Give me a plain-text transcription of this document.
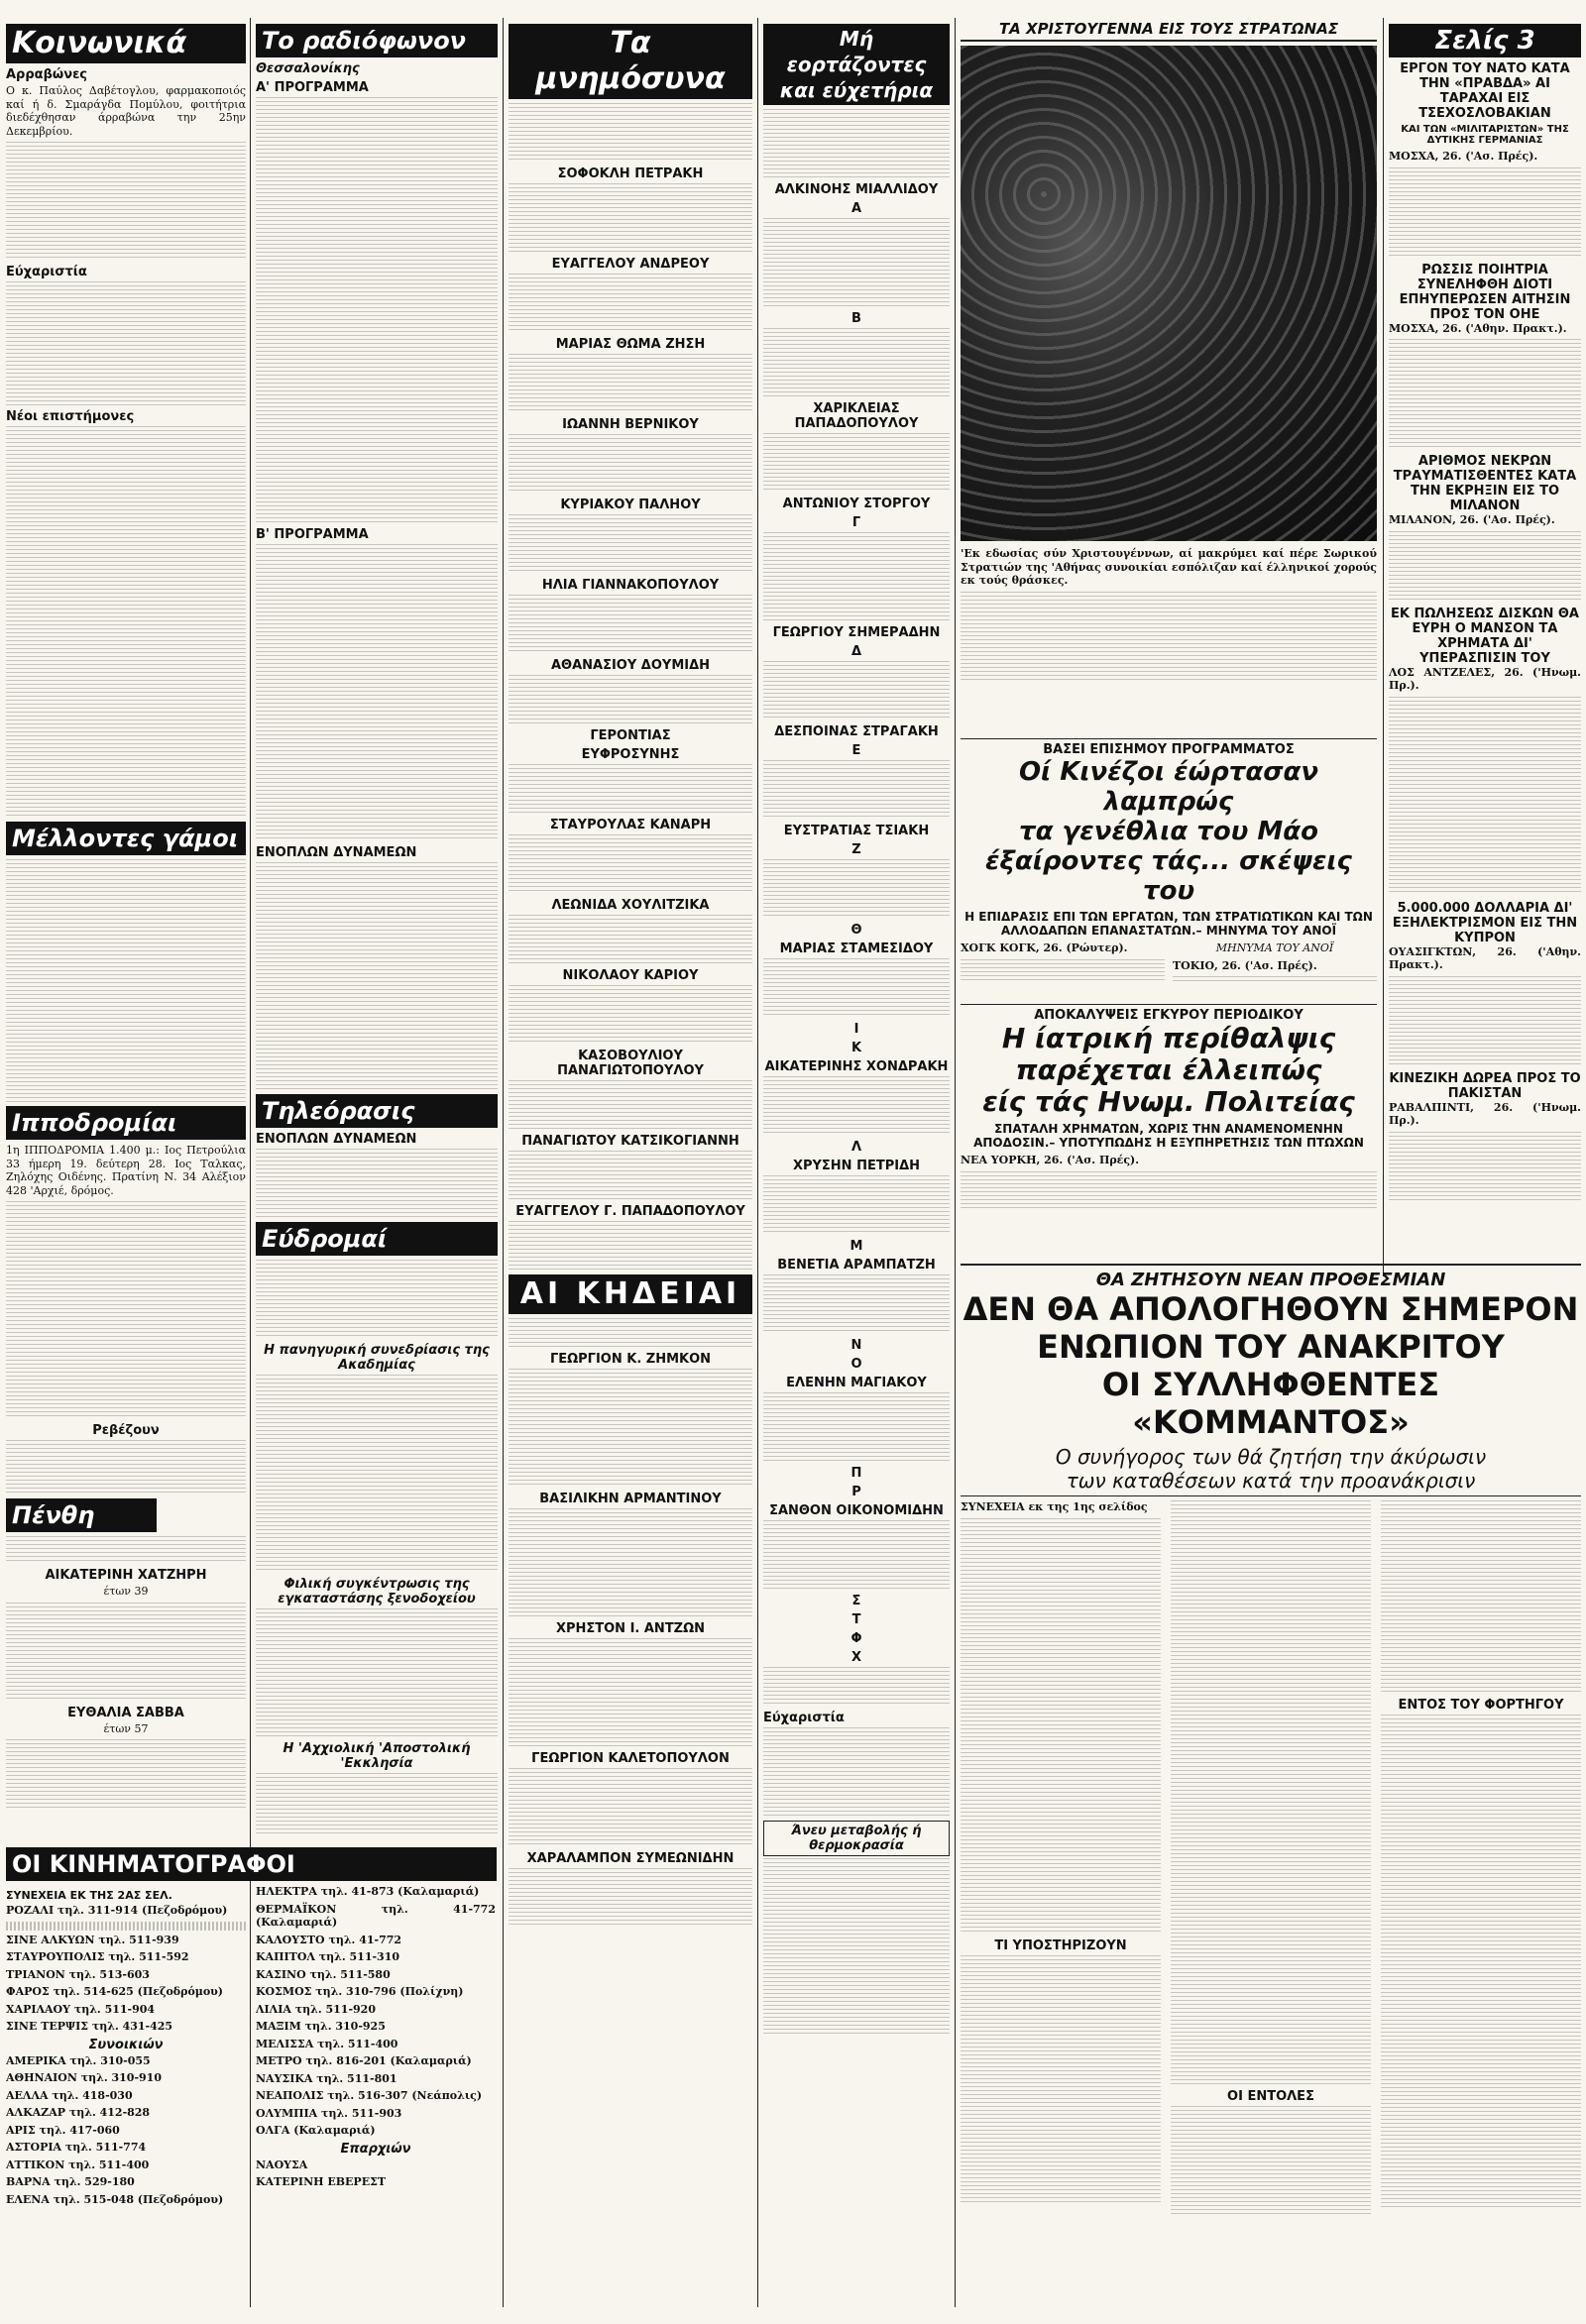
Κοινωνικά
Αρραβώνες

Ο κ. Παύλος Δαβέτογλου, φαρμακοποιός καί ή δ. Σμαράγδα Πομύλου, φοιτήτρια διεδέχθησαν άρραβώνα την 25ην Δεκεμβρίου.

Εύχαριστία
Νέοι επιστήμονες
Μέλλοντες γάμοι
Ιπποδρομίαι

1η ΙΠΠΟΔΡΟΜΙΑ 1.400 μ.: Ιος Πετρούλια 33 ήμερη 19. δεύτερη 28. Ιος Ταλκας, Ζηλόχης Οιδένης. Πρατίνη Ν. 34 Αλέξιον 428 'Αρχιέ, δρόμος.

Ρεβέζουν
Πένθη
ΑΙΚΑΤΕΡΙΝΗ ΧΑΤΖΗΡΗ
έτων 39
ΕΥΘΑΛΙΑ ΣΑΒΒΑ
έτων 57
ΟΙ ΚΙΝΗΜΑΤΟΓΡΑΦΟΙ
ΣΥΝΕΧΕΙΑ ΕΚ ΤΗΣ 2ΑΣ ΣΕΛ.
ΡΟΖΑΛΙ τηλ. 311-914 (Πεζοδρόμου)
ΣΙΝΕ ΑΛΚΥΩΝ τηλ. 511-939
ΣΤΑΥΡΟΥΠΟΛΙΣ τηλ. 511-592
ΤΡΙΑΝΟΝ τηλ. 513-603
ΦΑΡΟΣ τηλ. 514-625 (Πεζοδρόμου)
ΧΑΡΙΛΑΟΥ τηλ. 511-904
ΣΙΝΕ ΤΕΡΨΙΣ τηλ. 431-425
Συνοικιών
ΑΜΕΡΙΚΑ τηλ. 310-055
ΑΘΗΝΑΙΟΝ τηλ. 310-910
ΑΕΛΛΑ τηλ. 418-030
ΑΛΚΑΖΑΡ τηλ. 412-828
ΑΡΙΣ τηλ. 417-060
ΑΣΤΟΡΙΑ τηλ. 511-774
ΑΤΤΙΚΟΝ τηλ. 511-400
ΒΑΡΝΑ τηλ. 529-180
ΕΛΕΝΑ τηλ. 515-048 (Πεζοδρόμου)
ΗΛΕΚΤΡΑ τηλ. 41-873 (Καλαμαριά)
ΘΕΡΜΑΪΚΟΝ τηλ. 41-772 (Καλαμαριά)
ΚΑΛΟΥΣΤΟ τηλ. 41-772
ΚΑΠΙΤΟΛ τηλ. 511-310
ΚΑΣΙΝΟ τηλ. 511-580
ΚΟΣΜΟΣ τηλ. 310-796 (Πολίχνη)
ΛΙΛΙΑ τηλ. 511-920
ΜΑΞΙΜ τηλ. 310-925
ΜΕΛΙΣΣΑ τηλ. 511-400
ΜΕΤΡΟ τηλ. 816-201 (Καλαμαριά)
ΝΑΥΣΙΚΑ τηλ. 511-801
ΝΕΑΠΟΛΙΣ τηλ. 516-307 (Νεάπολις)
ΟΛΥΜΠΙΑ τηλ. 511-903
ΟΛΓΑ (Καλαμαριά)
Επαρχιών
ΝΑΟΥΣΑ
ΚΑΤΕΡΙΝΗ ΕΒΕΡΕΣΤ
Το ραδιόφωνον
Θεσσαλονίκης
Α' ΠΡΟΓΡΑΜΜΑ
Β' ΠΡΟΓΡΑΜΜΑ
ΕΝΟΠΛΩΝ ΔΥΝΑΜΕΩΝ
Τηλεόρασις
ΕΝΟΠΛΩΝ ΔΥΝΑΜΕΩΝ
Εύδρομαί
Η πανηγυρική συνεδρίασις της Ακαδημίας
Φιλική συγκέντρωσις της εγκαταστάσης ξενοδοχείου
Η 'Αχχιολική 'Αποστολική 'Εκκλησία
Τα μνημόσυνα
ΣΟΦΟΚΛΗ ΠΕΤΡΑΚΗ
ΕΥΑΓΓΕΛΟΥ ΑΝΔΡΕΟΥ
ΜΑΡΙΑΣ ΘΩΜΑ ΖΗΣΗ
ΙΩΑΝΝΗ ΒΕΡΝΙΚΟΥ
ΚΥΡΙΑΚΟΥ ΠΑΛΗΟΥ
ΗΛΙΑ ΓΙΑΝΝΑΚΟΠΟΥΛΟΥ
ΑΘΑΝΑΣΙΟΥ ΔΟΥΜΙΔΗ
ΓΕΡΟΝΤΙΑΣ
ΕΥΦΡΟΣΥΝΗΣ
ΣΤΑΥΡΟΥΛΑΣ ΚΑΝΑΡΗ
ΛΕΩΝΙΔΑ ΧΟΥΛΙΤΖΙΚΑ
ΝΙΚΟΛΑΟΥ ΚΑΡΙΟΥ
ΚΑΣΟΒΟΥΛΙΟΥ ΠΑΝΑΓΙΩΤΟΠΟΥΛΟΥ
ΠΑΝΑΓΙΩΤΟΥ ΚΑΤΣΙΚΟΓΙΑΝΝΗ
ΕΥΑΓΓΕΛΟΥ Γ. ΠΑΠΑΔΟΠΟΥΛΟΥ
ΑΙ ΚΗΔΕΙΑΙ
ΓΕΩΡΓΙΟΝ Κ. ΖΗΜΚΟΝ
ΒΑΣΙΛΙΚΗΝ ΑΡΜΑΝΤΙΝΟΥ
ΧΡΗΣΤΟΝ Ι. ΑΝΤΖΩΝ
ΓΕΩΡΓΙΟΝ ΚΑΛΕΤΟΠΟΥΛΟΝ
ΧΑΡΑΛΑΜΠΟΝ ΣΥΜΕΩΝΙΔΗΝ
Μή εορτάζοντες και εύχετήρια
ΑΛΚΙΝΟΗΣ ΜΙΑΛΛΙΔΟΥ
Α
Β
ΧΑΡΙΚΛΕΙΑΣ ΠΑΠΑΔΟΠΟΥΛΟΥ
ΑΝΤΩΝΙΟΥ ΣΤΟΡΓΟΥ
Γ
ΓΕΩΡΓΙΟΥ ΣΗΜΕΡΑΔΗΝ
Δ
ΔΕΣΠΟΙΝΑΣ ΣΤΡΑΓΑΚΗ
Ε
ΕΥΣΤΡΑΤΙΑΣ ΤΣΙΑΚΗ
Ζ
Θ
ΜΑΡΙΑΣ ΣΤΑΜΕΣΙΔΟΥ
Ι
Κ
ΑΙΚΑΤΕΡΙΝΗΣ ΧΟΝΔΡΑΚΗ
Λ
ΧΡΥΣΗΝ ΠΕΤΡΙΔΗ
Μ
ΒΕΝΕΤΙΑ ΑΡΑΜΠΑΤΖΗ
Ν
Ο
ΕΛΕΝΗΝ ΜΑΓΙΑΚΟΥ
Π
Ρ
ΣΑΝΘΟΝ ΟΙΚΟΝΟΜΙΔΗΝ
Σ
Τ
Φ
Χ
Εύχαριστία
Άνευ μεταβολής ή θερμοκρασία
ΤΑ ΧΡΙΣΤΟΥΓΕΝΝΑ ΕΙΣ ΤΟΥΣ ΣΤΡΑΤΩΝΑΣ

'Εκ εδωσίας σύν Χριστουγέννων, αί μακρύμει καί πέρε Σωρικού Στρατιών της 'Αθήνας συνοικίαι εσπόλιζαν καί έλληνικοί χορούς εκ τούς θράσκες.

Σελίς 3
ΕΡΓΟΝ ΤΟΥ ΝΑΤΟ ΚΑΤΑ ΤΗΝ «ΠΡΑΒΔΑ» ΑΙ ΤΑΡΑΧΑΙ ΕΙΣ ΤΣΕΧΟΣΛΟΒΑΚΙΑΝ
ΚΑΙ ΤΩΝ «ΜΙΛΙΤΑΡΙΣΤΩΝ» ΤΗΣ ΔΥΤΙΚΗΣ ΓΕΡΜΑΝΙΑΣ
ΜΟΣΧΑ, 26. ('Ασ. Πρές).
ΡΩΣΣΙΣ ΠΟΙΗΤΡΙΑ ΣΥΝΕΛΗΦΘΗ ΔΙΟΤΙ ΕΠΗΥΠΕΡΩΣΕΝ ΑΙΤΗΣΙΝ ΠΡΟΣ ΤΟΝ ΟΗΕ
ΜΟΣΧΑ, 26. ('Αθην. Πρακτ.).
ΑΡΙΘΜΟΣ ΝΕΚΡΩΝ ΤΡΑΥΜΑΤΙΣΘΕΝΤΕΣ ΚΑΤΑ ΤΗΝ ΕΚΡΗΞΙΝ ΕΙΣ ΤΟ ΜΙΛΑΝΟΝ
ΜΙΛΑΝΟΝ, 26. ('Ασ. Πρές).
ΕΚ ΠΩΛΗΣΕΩΣ ΔΙΣΚΩΝ ΘΑ ΕΥΡΗ Ο ΜΑΝΣΟΝ ΤΑ ΧΡΗΜΑΤΑ ΔΙ' ΥΠΕΡΑΣΠΙΣΙΝ ΤΟΥ
ΛΟΣ ΑΝΤΖΕΛΕΣ, 26. ('Ηνωμ. Πρ.).
5.000.000 ΔΟΛΛΑΡΙΑ ΔΙ' ΕΞΗΛΕΚΤΡΙΣΜΟΝ ΕΙΣ ΤΗΝ ΚΥΠΡΟΝ
ΟΥΑΣΙΓΚΤΩΝ, 26. ('Αθην. Πρακτ.).
ΚΙΝΕΖΙΚΗ ΔΩΡΕΑ ΠΡΟΣ ΤΟ ΠΑΚΙΣΤΑΝ
ΡΑΒΑΛΠΙΝΤΙ, 26. ('Ηνωμ. Πρ.).
ΒΑΣΕΙ ΕΠΙΣΗΜΟΥ ΠΡΟΓΡΑΜΜΑΤΟΣ
Οί Κινέζοι έώρτασαν λαμπρώς
τα γενέθλια του Μάο
έξαίροντες τάς... σκέψεις του
Η ΕΠΙΔΡΑΣΙΣ ΕΠΙ ΤΩΝ ΕΡΓΑΤΩΝ, ΤΩΝ ΣΤΡΑΤΙΩΤΙΚΩΝ ΚΑΙ ΤΩΝ ΑΛΛΟΔΑΠΩΝ ΕΠΑΝΑΣΤΑΤΩΝ.– ΜΗΝΥΜΑ ΤΟΥ ΑΝΟΪ
ΧΟΓΚ ΚΟΓΚ, 26. (Ρώυτερ).	ΜΗΝΥΜΑ ΤΟΥ ΑΝΟΪ
ΤΟΚΙΟ, 26. ('Ασ. Πρές).
ΑΠΟΚΑΛΥΨΕΙΣ ΕΓΚΥΡΟΥ ΠΕΡΙΟΔΙΚΟΥ
Η ίατρική περίθαλψις
παρέχεται έλλειπώς
είς τάς Ηνωμ. Πολιτείας
ΣΠΑΤΑΛΗ ΧΡΗΜΑΤΩΝ, ΧΩΡΙΣ ΤΗΝ ΑΝΑΜΕΝΟΜΕΝΗΝ ΑΠΟΔΟΣΙΝ.– ΥΠΟΤΥΠΩΔΗΣ Η ΕΞΥΠΗΡΕΤΗΣΙΣ ΤΩΝ ΠΤΩΧΩΝ
ΝΕΑ ΥΟΡΚΗ, 26. ('Ασ. Πρές).
ΘΑ ΖΗΤΗΣΟΥΝ ΝΕΑΝ ΠΡΟΘΕΣΜΙΑΝ
ΔΕΝ ΘΑ ΑΠΟΛΟΓΗΘΟΥΝ ΣΗΜΕΡΟΝ
ΕΝΩΠΙΟΝ ΤΟΥ ΑΝΑΚΡΙΤΟΥ
ΟΙ ΣΥΛΛΗΦΘΕΝΤΕΣ «ΚΟΜΜΑΝΤΟΣ»
Ο συνήγορος των θά ζητήση την άκύρωσιν
των καταθέσεων κατά την προανάκρισιν
ΣΥΝΕΧΕΙΑ εκ της 1ης σελίδος
ΤΙ ΥΠΟΣΤΗΡΙΖΟΥΝ
ΟΙ ΕΝΤΟΛΕΣ
ΕΝΤΟΣ ΤΟΥ ΦΟΡΤΗΓΟΥ
